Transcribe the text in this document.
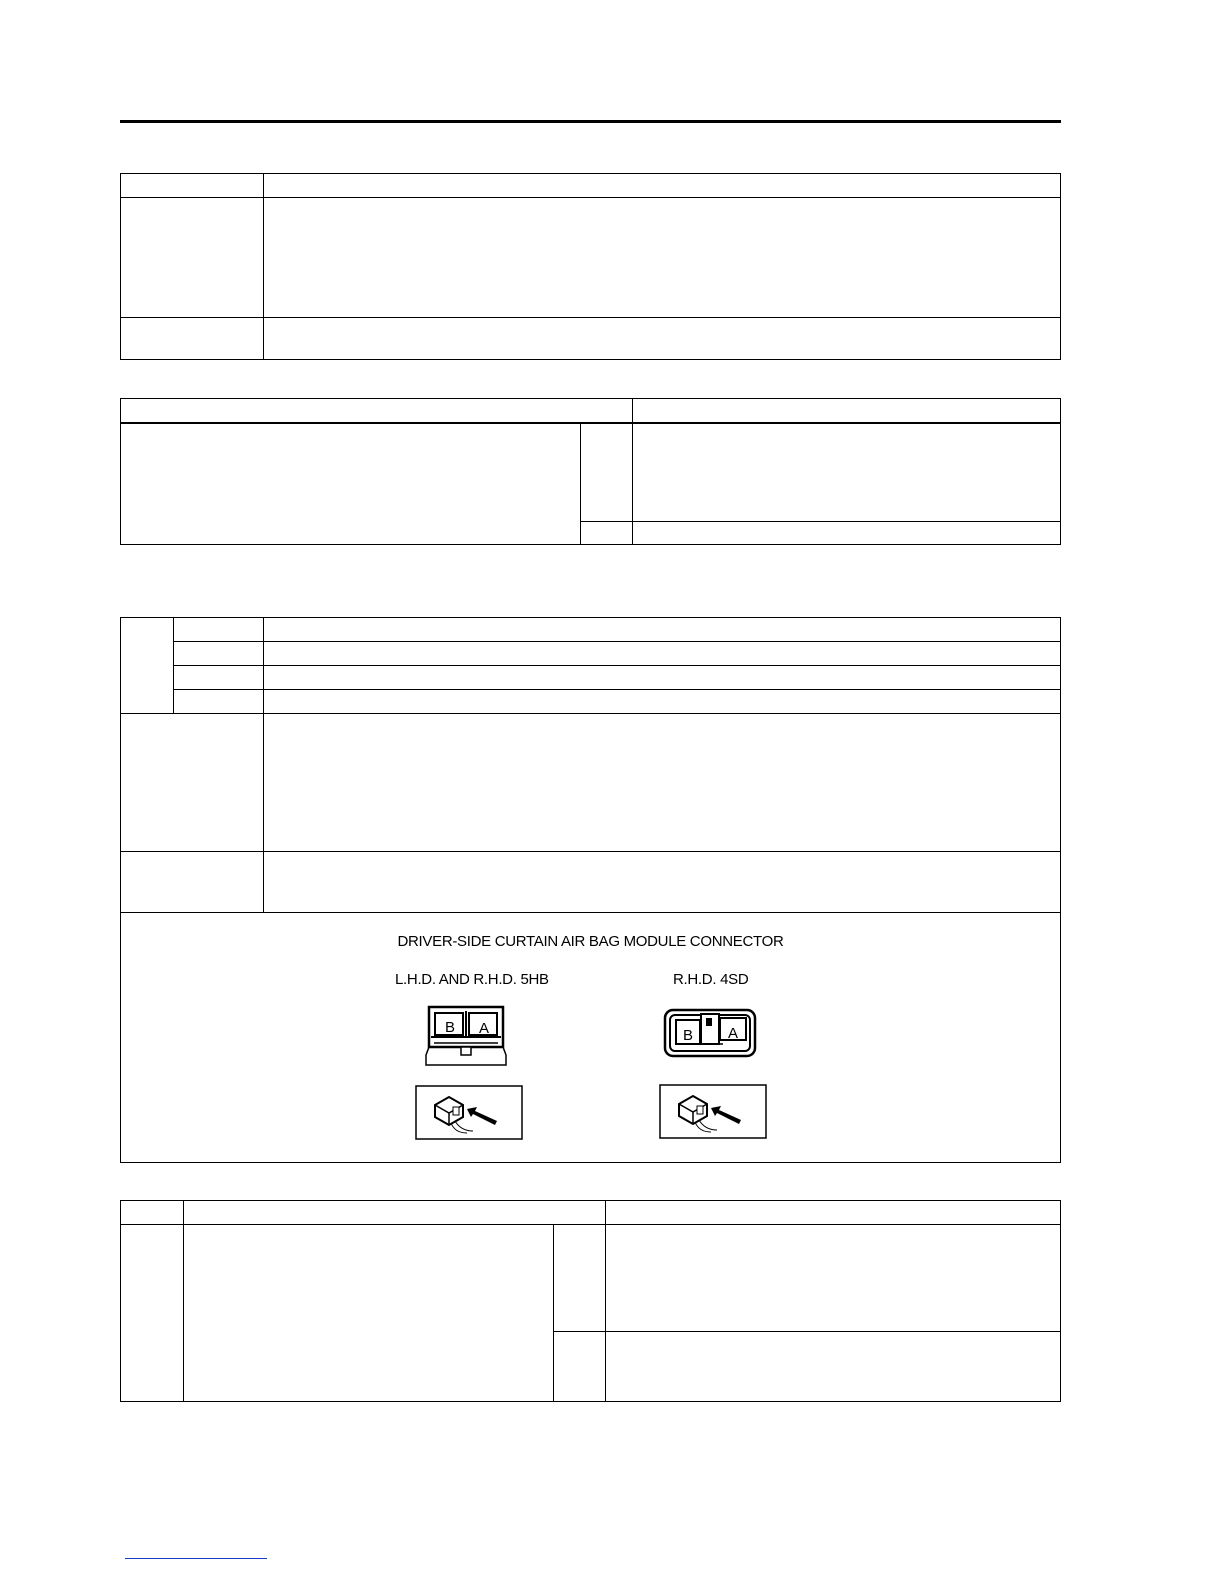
DRIVER-SIDE CURTAIN AIR BAG MODULE CONNECTOR
L.H.D. AND R.H.D. 5HB	R.H.D. 4SD
B A	B A
